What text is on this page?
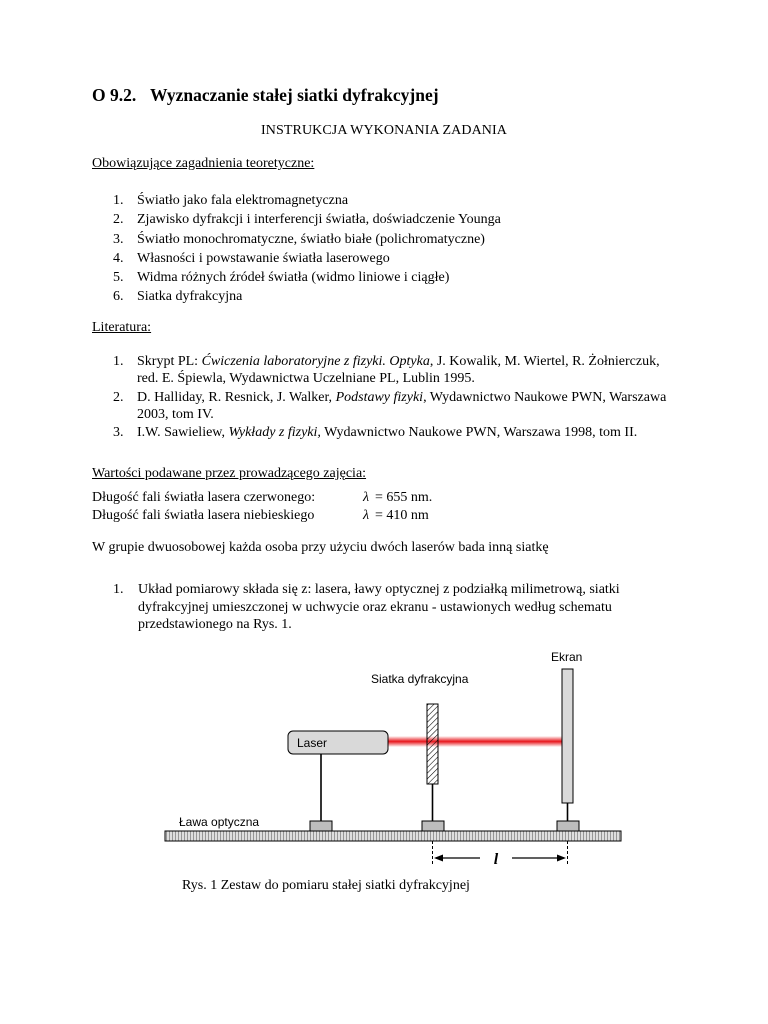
O 9.2. Wyznaczanie stałej siatki dyfrakcyjnej
INSTRUKCJA WYKONANIA ZADANIA
Obowiązujące zagadnienia teoretyczne:
1. Światło jako fala elektromagnetyczna
2. Zjawisko dyfrakcji i interferencji światła, doświadczenie Younga
3. Światło monochromatyczne, światło białe (polichromatyczne)
4. Własności i powstawanie światła laserowego
5. Widma różnych źródeł światła (widmo liniowe i ciągłe)
6. Siatka dyfrakcyjna
Literatura:
1. Skrypt PL: Ćwiczenia laboratoryjne z fizyki. Optyka, J. Kowalik, M. Wiertel, R. Żołnierczuk, red. E. Śpiewla, Wydawnictwa Uczelniane PL, Lublin 1995.
2. D. Halliday, R. Resnick, J. Walker, Podstawy fizyki, Wydawnictwo Naukowe PWN, Warszawa 2003, tom IV.
3. I.W. Sawieliew, Wykłady z fizyki, Wydawnictwo Naukowe PWN, Warszawa 1998, tom II.
Wartości podawane przez prowadzącego zajęcia:
Długość fali światła lasera czerwonego:	λ = 655 nm.
Długość fali światła lasera niebieskiego	λ = 410 nm
W grupie dwuosobowej każda osoba przy użyciu dwóch laserów bada inną siatkę
1.	Układ pomiarowy składa się z: lasera, ławy optycznej z podziałką milimetrową, siatki dyfrakcyjnej umieszczonej w uchwycie oraz ekranu - ustawionych według schematu przedstawionego na Rys. 1.
Ekran
Siatka dyfrakcyjna
Laser
Ława optyczna
l
Rys. 1 Zestaw do pomiaru stałej siatki dyfrakcyjnej
